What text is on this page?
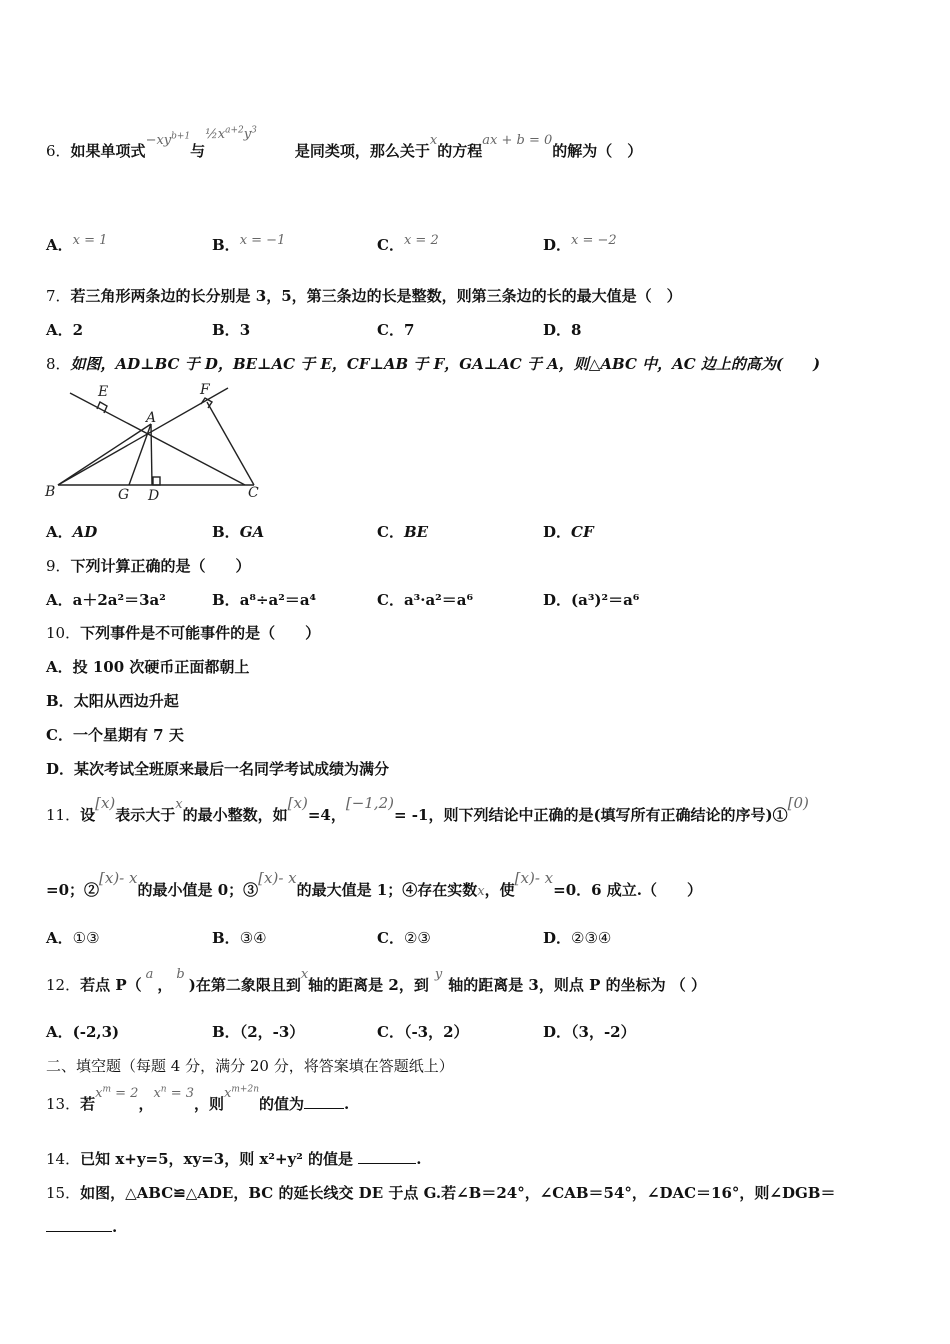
6．如果单项式$-xy^{b+1}$与$\frac{1}{2}x^{a+2}y^3$是同类项，那么关于x的方程ax + b = 0的解为（　）
A．x = 1	B．x = −1	C．x = 2	D．x = −2
7．若三角形两条边的长分别是 3，5，第三条边的长是整数，则第三条边的长的最大值是（　）
A．2	B．3	C．7	D．8
8．如图，AD⊥BC 于 D，BE⊥AC 于 E，CF⊥AB 于 F，GA⊥AC 于 A，则△ABC 中，AC 边上的高为(　　)
E	F
A
B	G D	C
A．AD	B．GA	C．BE	D．CF
9．下列计算正确的是（　　）
A．a＋2a²＝3a²	B．a⁸÷a²＝a⁴	C．a³·a²＝a⁶	D．(a³)²＝a⁶
10．下列事件是不可能事件的是（　　）
A．投 100 次硬币正面都朝上
B．太阳从西边升起
C．一个星期有 7 天
D．某次考试全班原来最后一名同学考试成绩为满分
11．设[x)表示大于x的最小整数，如[x)=4，[−1,2)= -1，则下列结论中正确的是(填写所有正确结论的序号)①[0)
=0；②[x)- x的最小值是 0；③[x)- x的最大值是 1；④存在实数x，使[x)- x=0．6 成立.（　　）
A．①③	B．③④	C．②③	D．②③④
12．若点 P（a，b)在第二象限且到x轴的距离是 2，到y轴的距离是 3，则点 P 的坐标为 （ ）
A．(-2,3)	B．（2，-3）	C．（-3，2）	D．（3，-2）
二、填空题（每题 4 分，满分 20 分，将答案填在答题纸上）
13．若$x^m = 2$，$x^n = 3$，则$x^{m+2n}$的值为	.
14．已知 x+y=5，xy=3，则 x²+y² 的值是	.
15．如图，△ABC≌△ADE，BC 的延长线交 DE 于点 G.若∠B＝24°，∠CAB＝54°，∠DAC＝16°，则∠DGB＝
.
